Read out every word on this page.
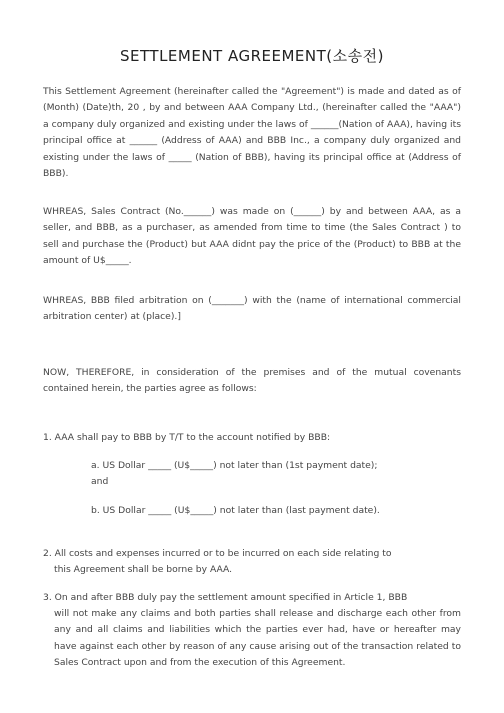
SETTLEMENT AGREEMENT(소송전)
This Settlement Agreement (hereinafter called the "Agreement") is made and dated as of (Month) (Date)th, 20 , by and between AAA Company Ltd., (hereinafter called the "AAA") a company duly organized and existing under the laws of ______(Nation of AAA), having its principal office at ______ (Address of AAA) and BBB Inc., a company duly organized and existing under the laws of _____ (Nation of BBB), having its principal office at (Address of BBB).
WHREAS, Sales Contract (No.______) was made on (______) by and between AAA, as a seller, and BBB, as a purchaser, as amended from time to time (the Sales Contract ) to sell and purchase the (Product) but AAA didnt pay the price of the (Product) to BBB at the amount of U$_____.
WHREAS, BBB filed arbitration on (_______) with the (name of international commercial arbitration center) at (place).]
NOW, THEREFORE, in consideration of the premises and of the mutual covenants contained herein, the parties agree as follows:
1. AAA shall pay to BBB by T/T to the account notified by BBB:
a. US Dollar _____ (U$_____) not later than (1st payment date);
and
b. US Dollar _____ (U$_____) not later than (last payment date).
2. All costs and expenses incurred or to be incurred on each side relating to
this Agreement shall be borne by AAA.
3. On and after BBB duly pay the settlement amount specified in Article 1, BBB
will not make any claims and both parties shall release and discharge each other from any and all claims and liabilities which the parties ever had, have or hereafter may have against each other by reason of any cause arising out of the transaction related to Sales Contract upon and from the execution of this Agreement.
